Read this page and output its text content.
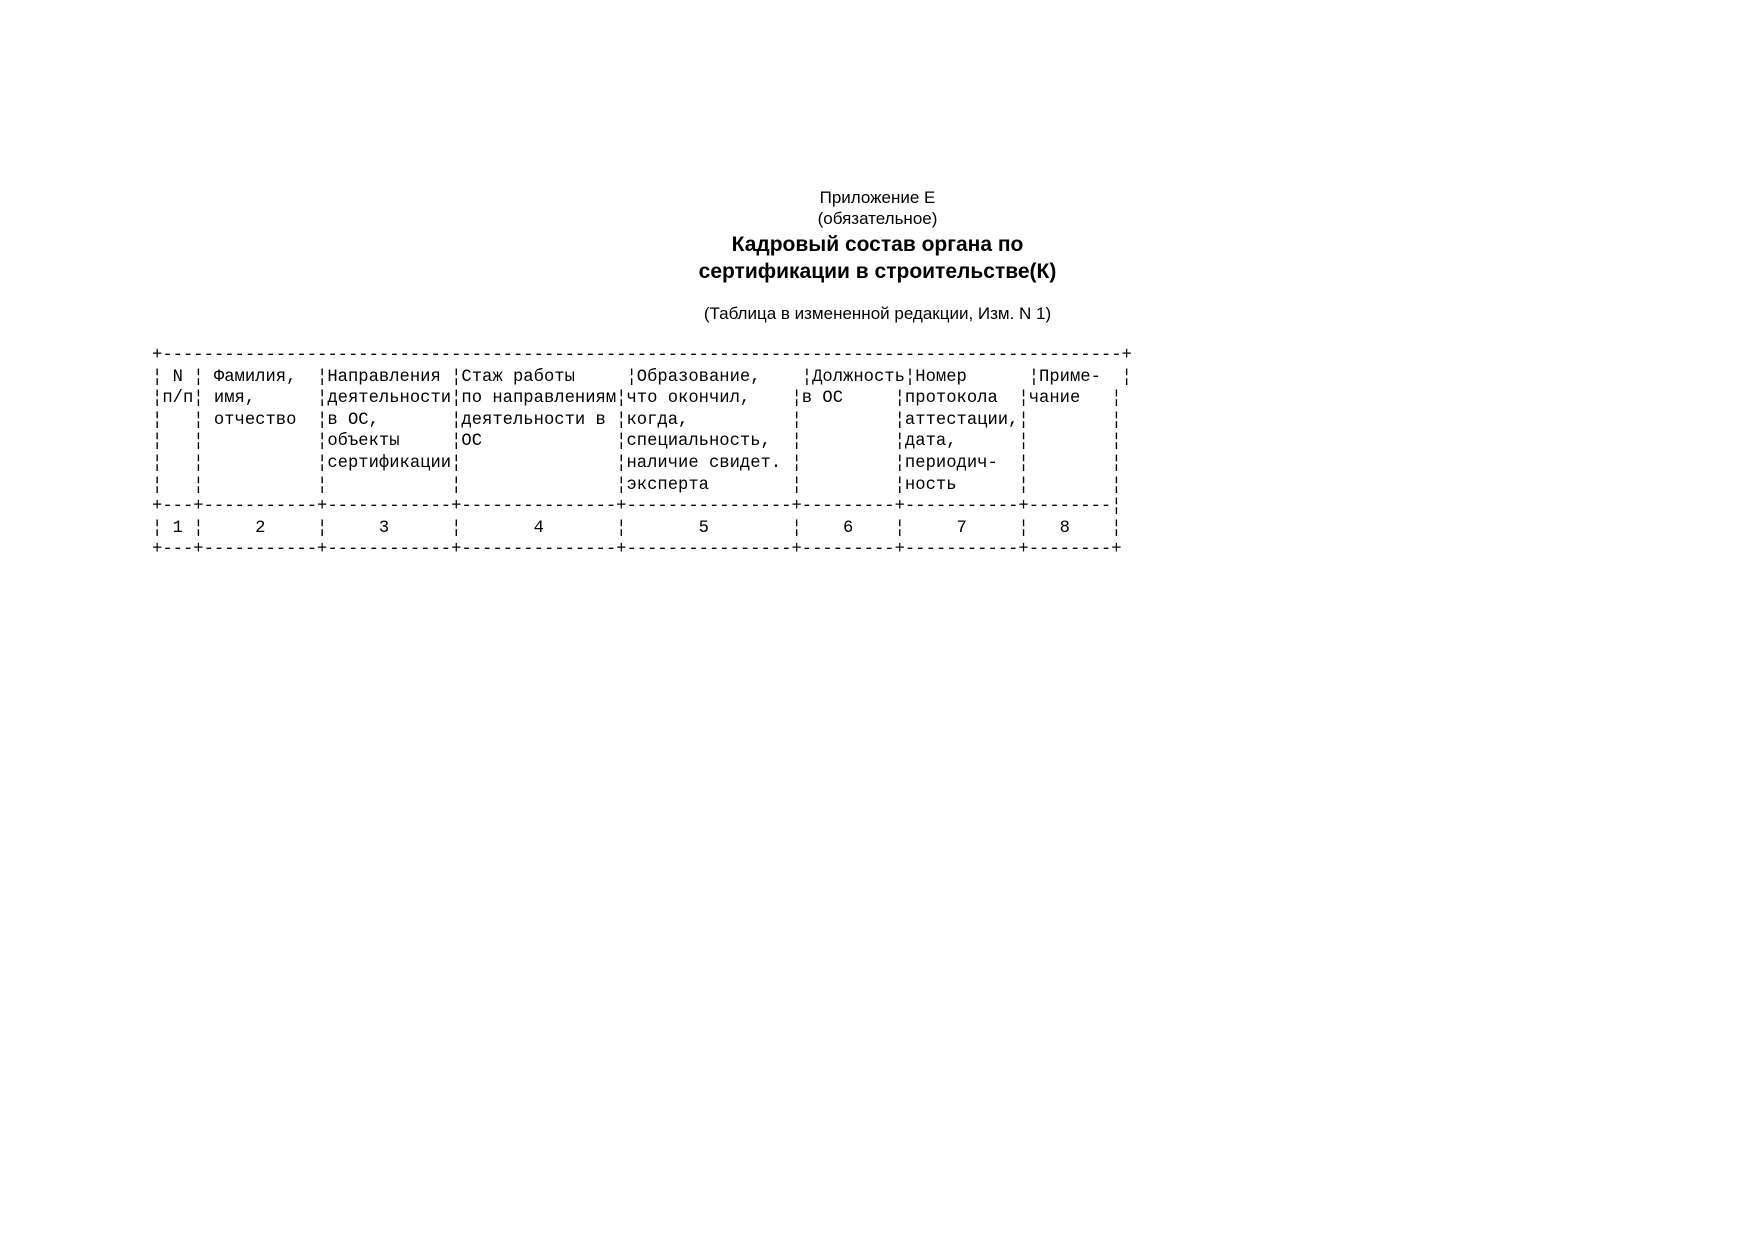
Приложение Е
(обязательное)
Кадровый состав органа по
сертификации в строительстве(К)
(Таблица в измененной редакции, Изм. N 1)
+---------------------------------------------------------------------------------------------+
¦ N ¦ Фамилия,  ¦Направления ¦Стаж работы     ¦Образование,    ¦Должность¦Номер      ¦Приме-  ¦
¦п/п¦ имя,      ¦деятельности¦по направлениям¦что окончил,    ¦в ОС     ¦протокола  ¦чание   ¦
¦   ¦ отчество  ¦в ОС,       ¦деятельности в ¦когда,          ¦         ¦аттестации,¦        ¦
¦   ¦           ¦объекты     ¦ОС             ¦специальность,  ¦         ¦дата,      ¦        ¦
¦   ¦           ¦сертификации¦               ¦наличие свидет. ¦         ¦периодич-  ¦        ¦
¦   ¦           ¦            ¦               ¦эксперта        ¦         ¦ность      ¦        ¦
+---+-----------+------------+---------------+----------------+---------+-----------+--------¦
¦ 1 ¦     2     ¦     3      ¦       4       ¦       5        ¦    6    ¦     7     ¦   8    ¦
+---+-----------+------------+---------------+----------------+---------+-----------+--------+
